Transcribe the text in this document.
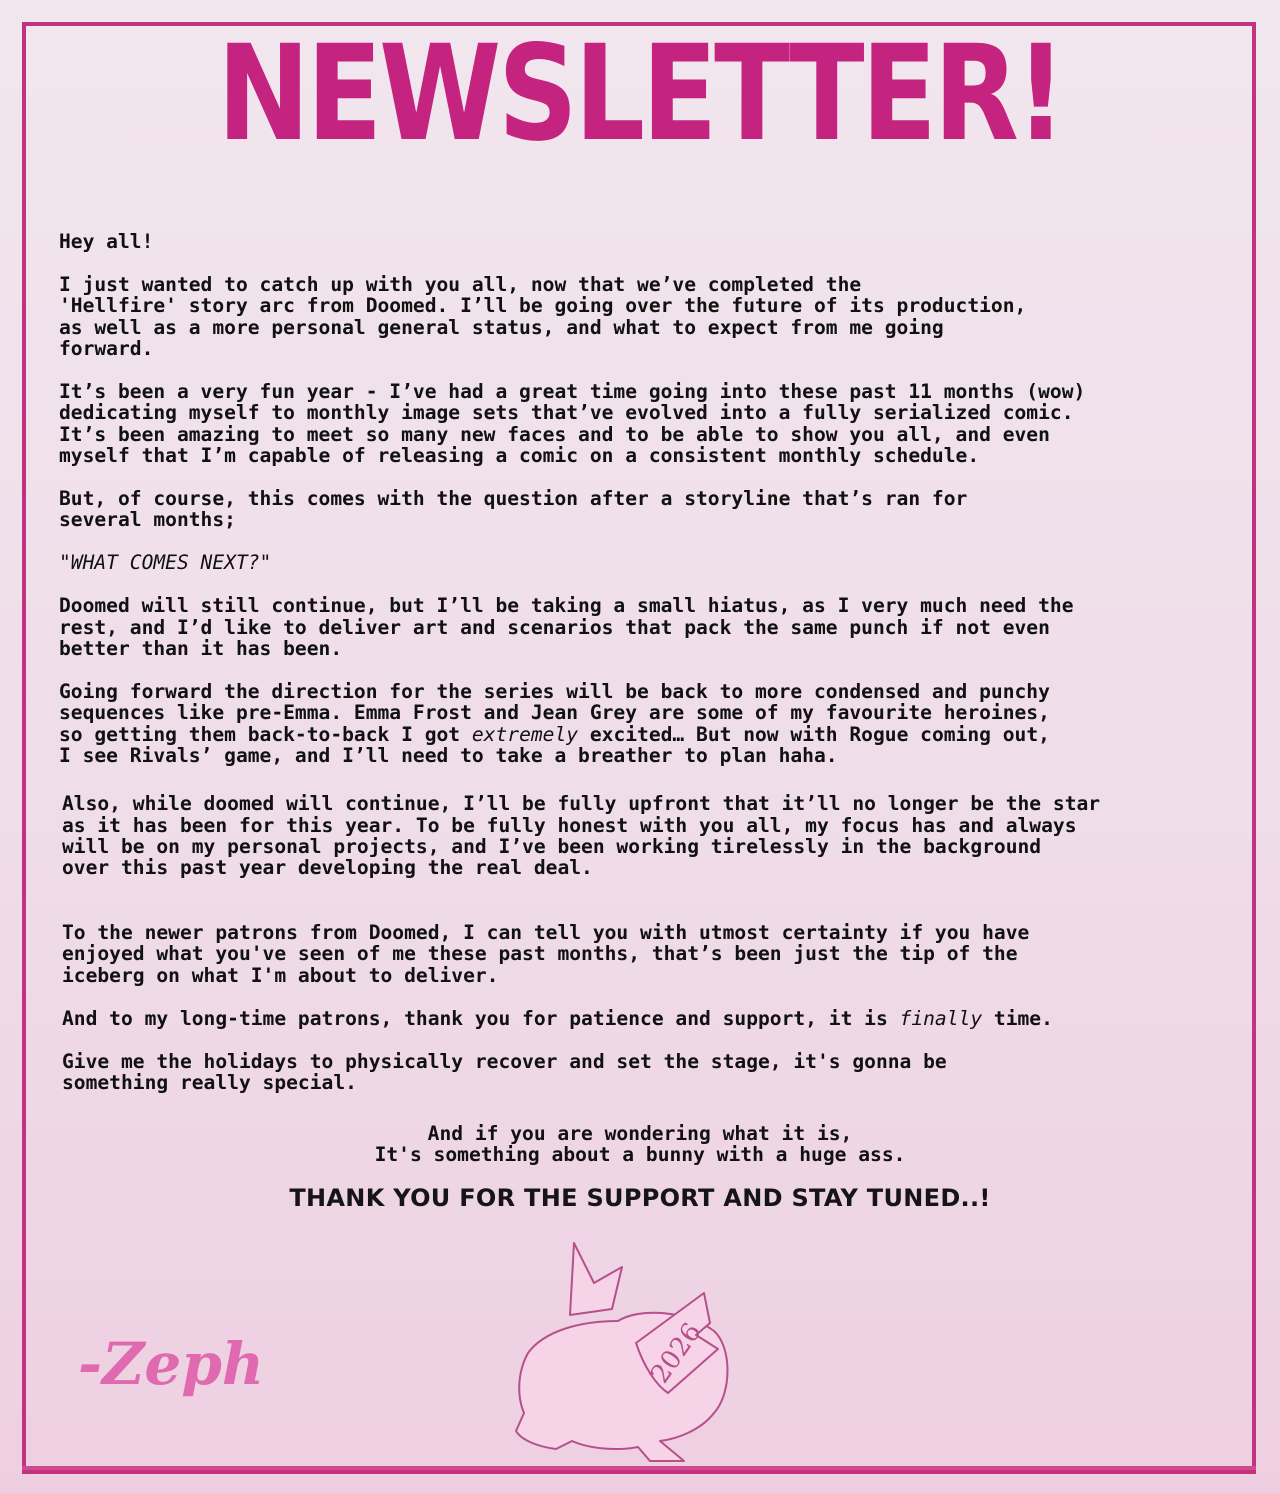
NEWSLETTER!
Hey all!
I just wanted to catch up with you all, now that we’ve completed the
'Hellfire' story arc from Doomed. I’ll be going over the future of its production,
as well as a more personal general status, and what to expect from me going
forward.
It’s been a very fun year - I’ve had a great time going into these past 11 months (wow)
dedicating myself to monthly image sets that’ve evolved into a fully serialized comic.
It’s been amazing to meet so many new faces and to be able to show you all, and even
myself that I’m capable of releasing a comic on a consistent monthly schedule.
But, of course, this comes with the question after a storyline that’s ran for
several months;
"WHAT COMES NEXT?"
Doomed will still continue, but I’ll be taking a small hiatus, as I very much need the
rest, and I’d like to deliver art and scenarios that pack the same punch if not even
better than it has been.
Going forward the direction for the series will be back to more condensed and punchy
sequences like pre-Emma. Emma Frost and Jean Grey are some of my favourite heroines,
so getting them back-to-back I got extremely excited… But now with Rogue coming out,
I see Rivals’ game, and I’ll need to take a breather to plan haha.
Also, while doomed will continue, I’ll be fully upfront that it’ll no longer be the star
as it has been for this year. To be fully honest with you all, my focus has and always
will be on my personal projects, and I’ve been working tirelessly in the background
over this past year developing the real deal.
To the newer patrons from Doomed, I can tell you with utmost certainty if you have
enjoyed what you've seen of me these past months, that’s been just the tip of the
iceberg on what I'm about to deliver.
And to my long-time patrons, thank you for patience and support, it is finally time.
Give me the holidays to physically recover and set the stage, it's gonna be
something really special.
And if you are wondering what it is,
It's something about a bunny with a huge ass.
THANK YOU FOR THE SUPPORT AND STAY TUNED..!
2026
-Zeph
